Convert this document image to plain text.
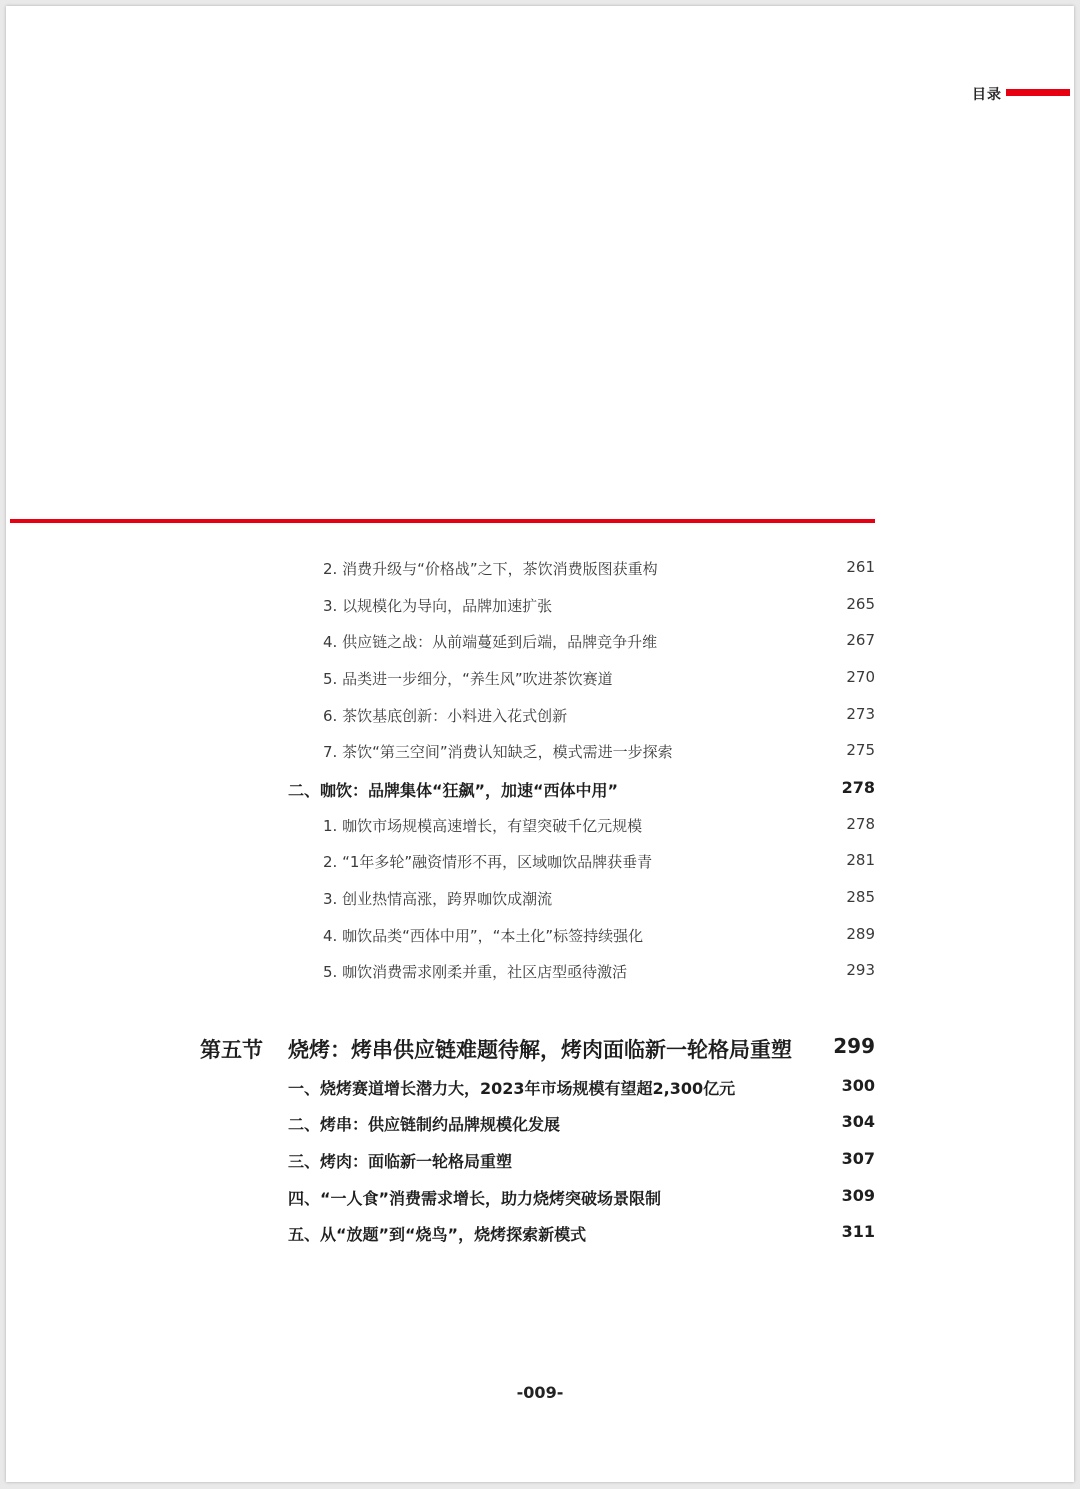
目录
2. 消费升级与“价格战”之下，茶饮消费版图获重构	261
3. 以规模化为导向，品牌加速扩张	265
4. 供应链之战：从前端蔓延到后端，品牌竞争升维	267
5. 品类进一步细分，“养生风”吹进茶饮赛道	270
6. 茶饮基底创新：小料进入花式创新	273
7. 茶饮“第三空间”消费认知缺乏，模式需进一步探索	275
二、咖饮：品牌集体“狂飙”，加速“西体中用”	278
1. 咖饮市场规模高速增长，有望突破千亿元规模	278
2. “1年多轮”融资情形不再，区域咖饮品牌获垂青	281
3. 创业热情高涨，跨界咖饮成潮流	285
4. 咖饮品类“西体中用”，“本土化”标签持续强化	289
5. 咖饮消费需求刚柔并重，社区店型亟待激活	293
第五节 烧烤：烤串供应链难题待解，烤肉面临新一轮格局重塑	299
一、烧烤赛道增长潜力大，2023年市场规模有望超2,300亿元	300
二、烤串：供应链制约品牌规模化发展	304
三、烤肉：面临新一轮格局重塑	307
四、“一人食”消费需求增长，助力烧烤突破场景限制	309
五、从“放题”到“烧鸟”，烧烤探索新模式	311
-009-
